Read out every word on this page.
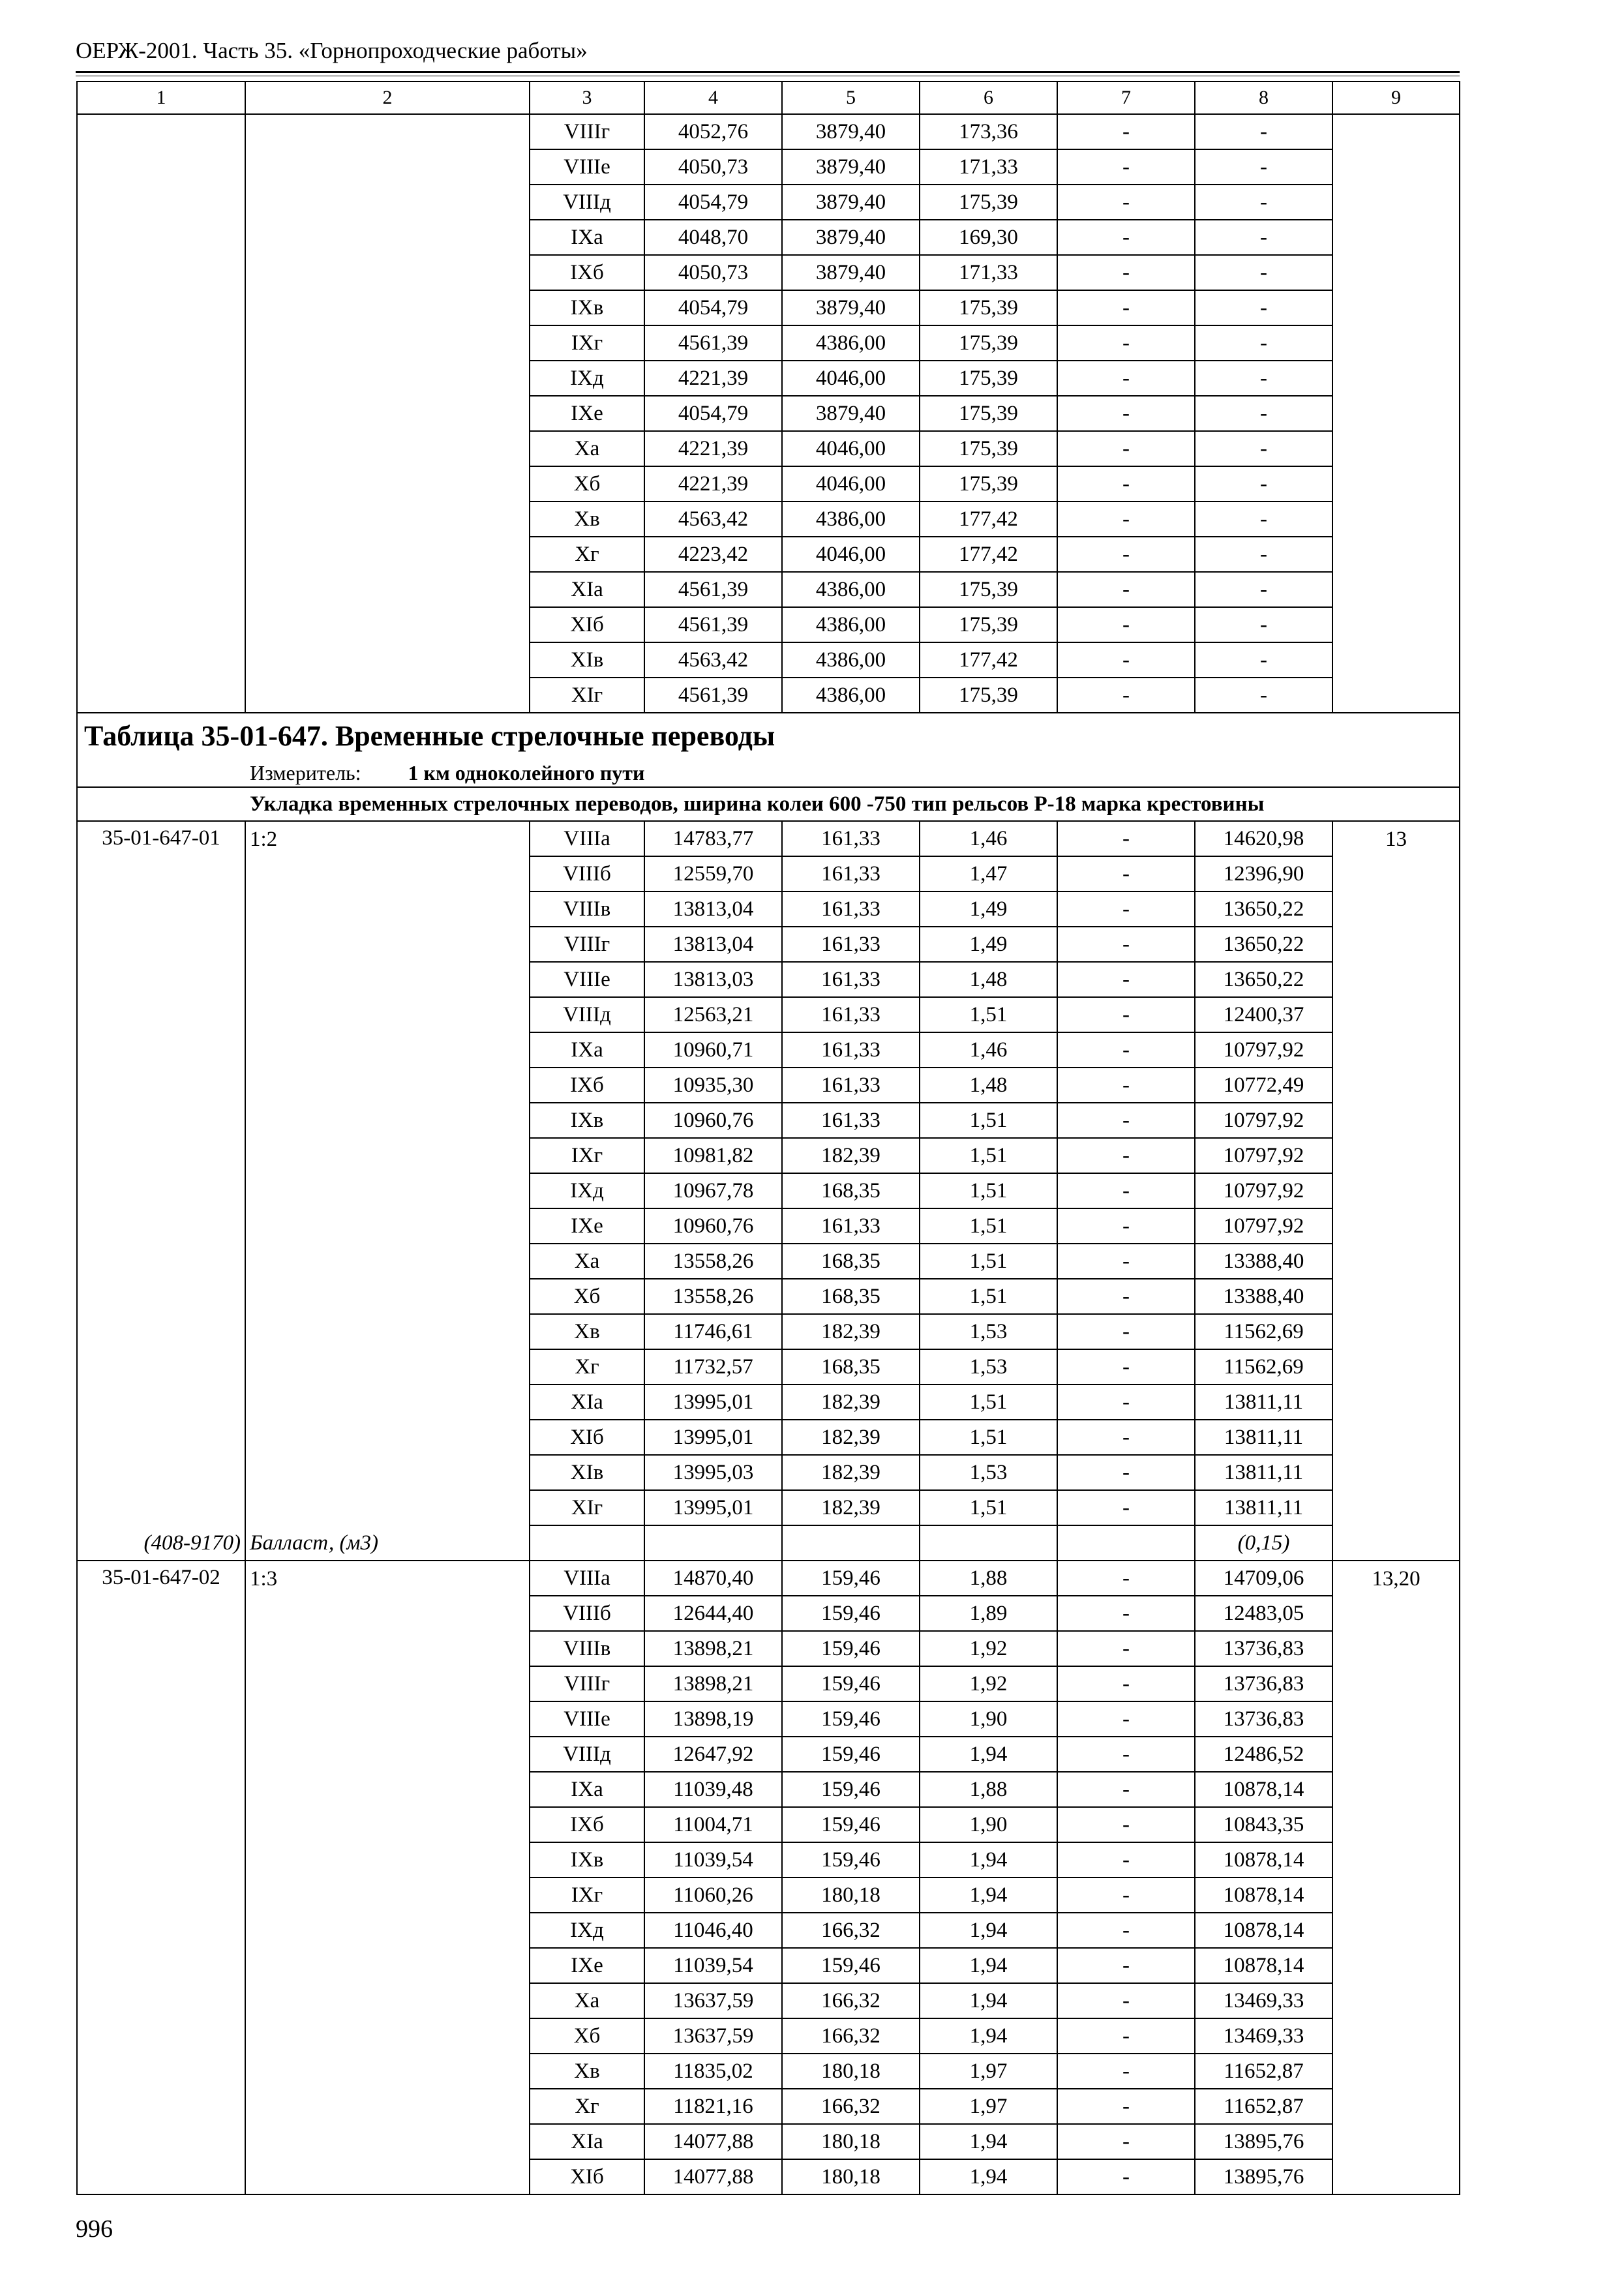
ОЕРЖ-2001. Часть 35. «Горнопроходческие работы»
1	2	3	4	5	6	7	8	9
		VIIIг	4052,76	3879,40	173,36	-	-	
		VIIIе	4050,73	3879,40	171,33	-	-	
		VIIIд	4054,79	3879,40	175,39	-	-	
		IXа	4048,70	3879,40	169,30	-	-	
		IXб	4050,73	3879,40	171,33	-	-	
		IXв	4054,79	3879,40	175,39	-	-	
		IXг	4561,39	4386,00	175,39	-	-	
		IXд	4221,39	4046,00	175,39	-	-	
		IXе	4054,79	3879,40	175,39	-	-	
		Xа	4221,39	4046,00	175,39	-	-	
		Xб	4221,39	4046,00	175,39	-	-	
		Xв	4563,42	4386,00	177,42	-	-	
		Xг	4223,42	4046,00	177,42	-	-	
		XIа	4561,39	4386,00	175,39	-	-	
		XIб	4561,39	4386,00	175,39	-	-	
		XIв	4563,42	4386,00	177,42	-	-	
		XIг	4561,39	4386,00	175,39	-	-	
Таблица 35-01-647. Временные стрелочные переводы								
Измеритель: 1 км одноколейного пути								
Укладка временных стрелочных переводов, ширина колеи 600 -750 тип рельсов Р-18 марка крестовины								
35-01-647-01	1:2	VIIIа	14783,77	161,33	1,46	-	14620,98	13
		VIIIб	12559,70	161,33	1,47	-	12396,90	
		VIIIв	13813,04	161,33	1,49	-	13650,22	
		VIIIг	13813,04	161,33	1,49	-	13650,22	
		VIIIе	13813,03	161,33	1,48	-	13650,22	
		VIIIд	12563,21	161,33	1,51	-	12400,37	
		IXа	10960,71	161,33	1,46	-	10797,92	
		IXб	10935,30	161,33	1,48	-	10772,49	
		IXв	10960,76	161,33	1,51	-	10797,92	
		IXг	10981,82	182,39	1,51	-	10797,92	
		IXд	10967,78	168,35	1,51	-	10797,92	
		IXе	10960,76	161,33	1,51	-	10797,92	
		Xа	13558,26	168,35	1,51	-	13388,40	
		Xб	13558,26	168,35	1,51	-	13388,40	
		Xв	11746,61	182,39	1,53	-	11562,69	
		Xг	11732,57	168,35	1,53	-	11562,69	
		XIа	13995,01	182,39	1,51	-	13811,11	
		XIб	13995,01	182,39	1,51	-	13811,11	
		XIв	13995,03	182,39	1,53	-	13811,11	
		XIг	13995,01	182,39	1,51	-	13811,11	
(408-9170)	Балласт, (м3)						(0,15)	
35-01-647-02	1:3	VIIIа	14870,40	159,46	1,88	-	14709,06	13,20
		VIIIб	12644,40	159,46	1,89	-	12483,05	
		VIIIв	13898,21	159,46	1,92	-	13736,83	
		VIIIг	13898,21	159,46	1,92	-	13736,83	
		VIIIе	13898,19	159,46	1,90	-	13736,83	
		VIIIд	12647,92	159,46	1,94	-	12486,52	
		IXа	11039,48	159,46	1,88	-	10878,14	
		IXб	11004,71	159,46	1,90	-	10843,35	
		IXв	11039,54	159,46	1,94	-	10878,14	
		IXг	11060,26	180,18	1,94	-	10878,14	
		IXд	11046,40	166,32	1,94	-	10878,14	
		IXе	11039,54	159,46	1,94	-	10878,14	
		Xа	13637,59	166,32	1,94	-	13469,33	
		Xб	13637,59	166,32	1,94	-	13469,33	
		Xв	11835,02	180,18	1,97	-	11652,87	
		Xг	11821,16	166,32	1,97	-	11652,87	
		XIа	14077,88	180,18	1,94	-	13895,76	
		XIб	14077,88	180,18	1,94	-	13895,76	
996
